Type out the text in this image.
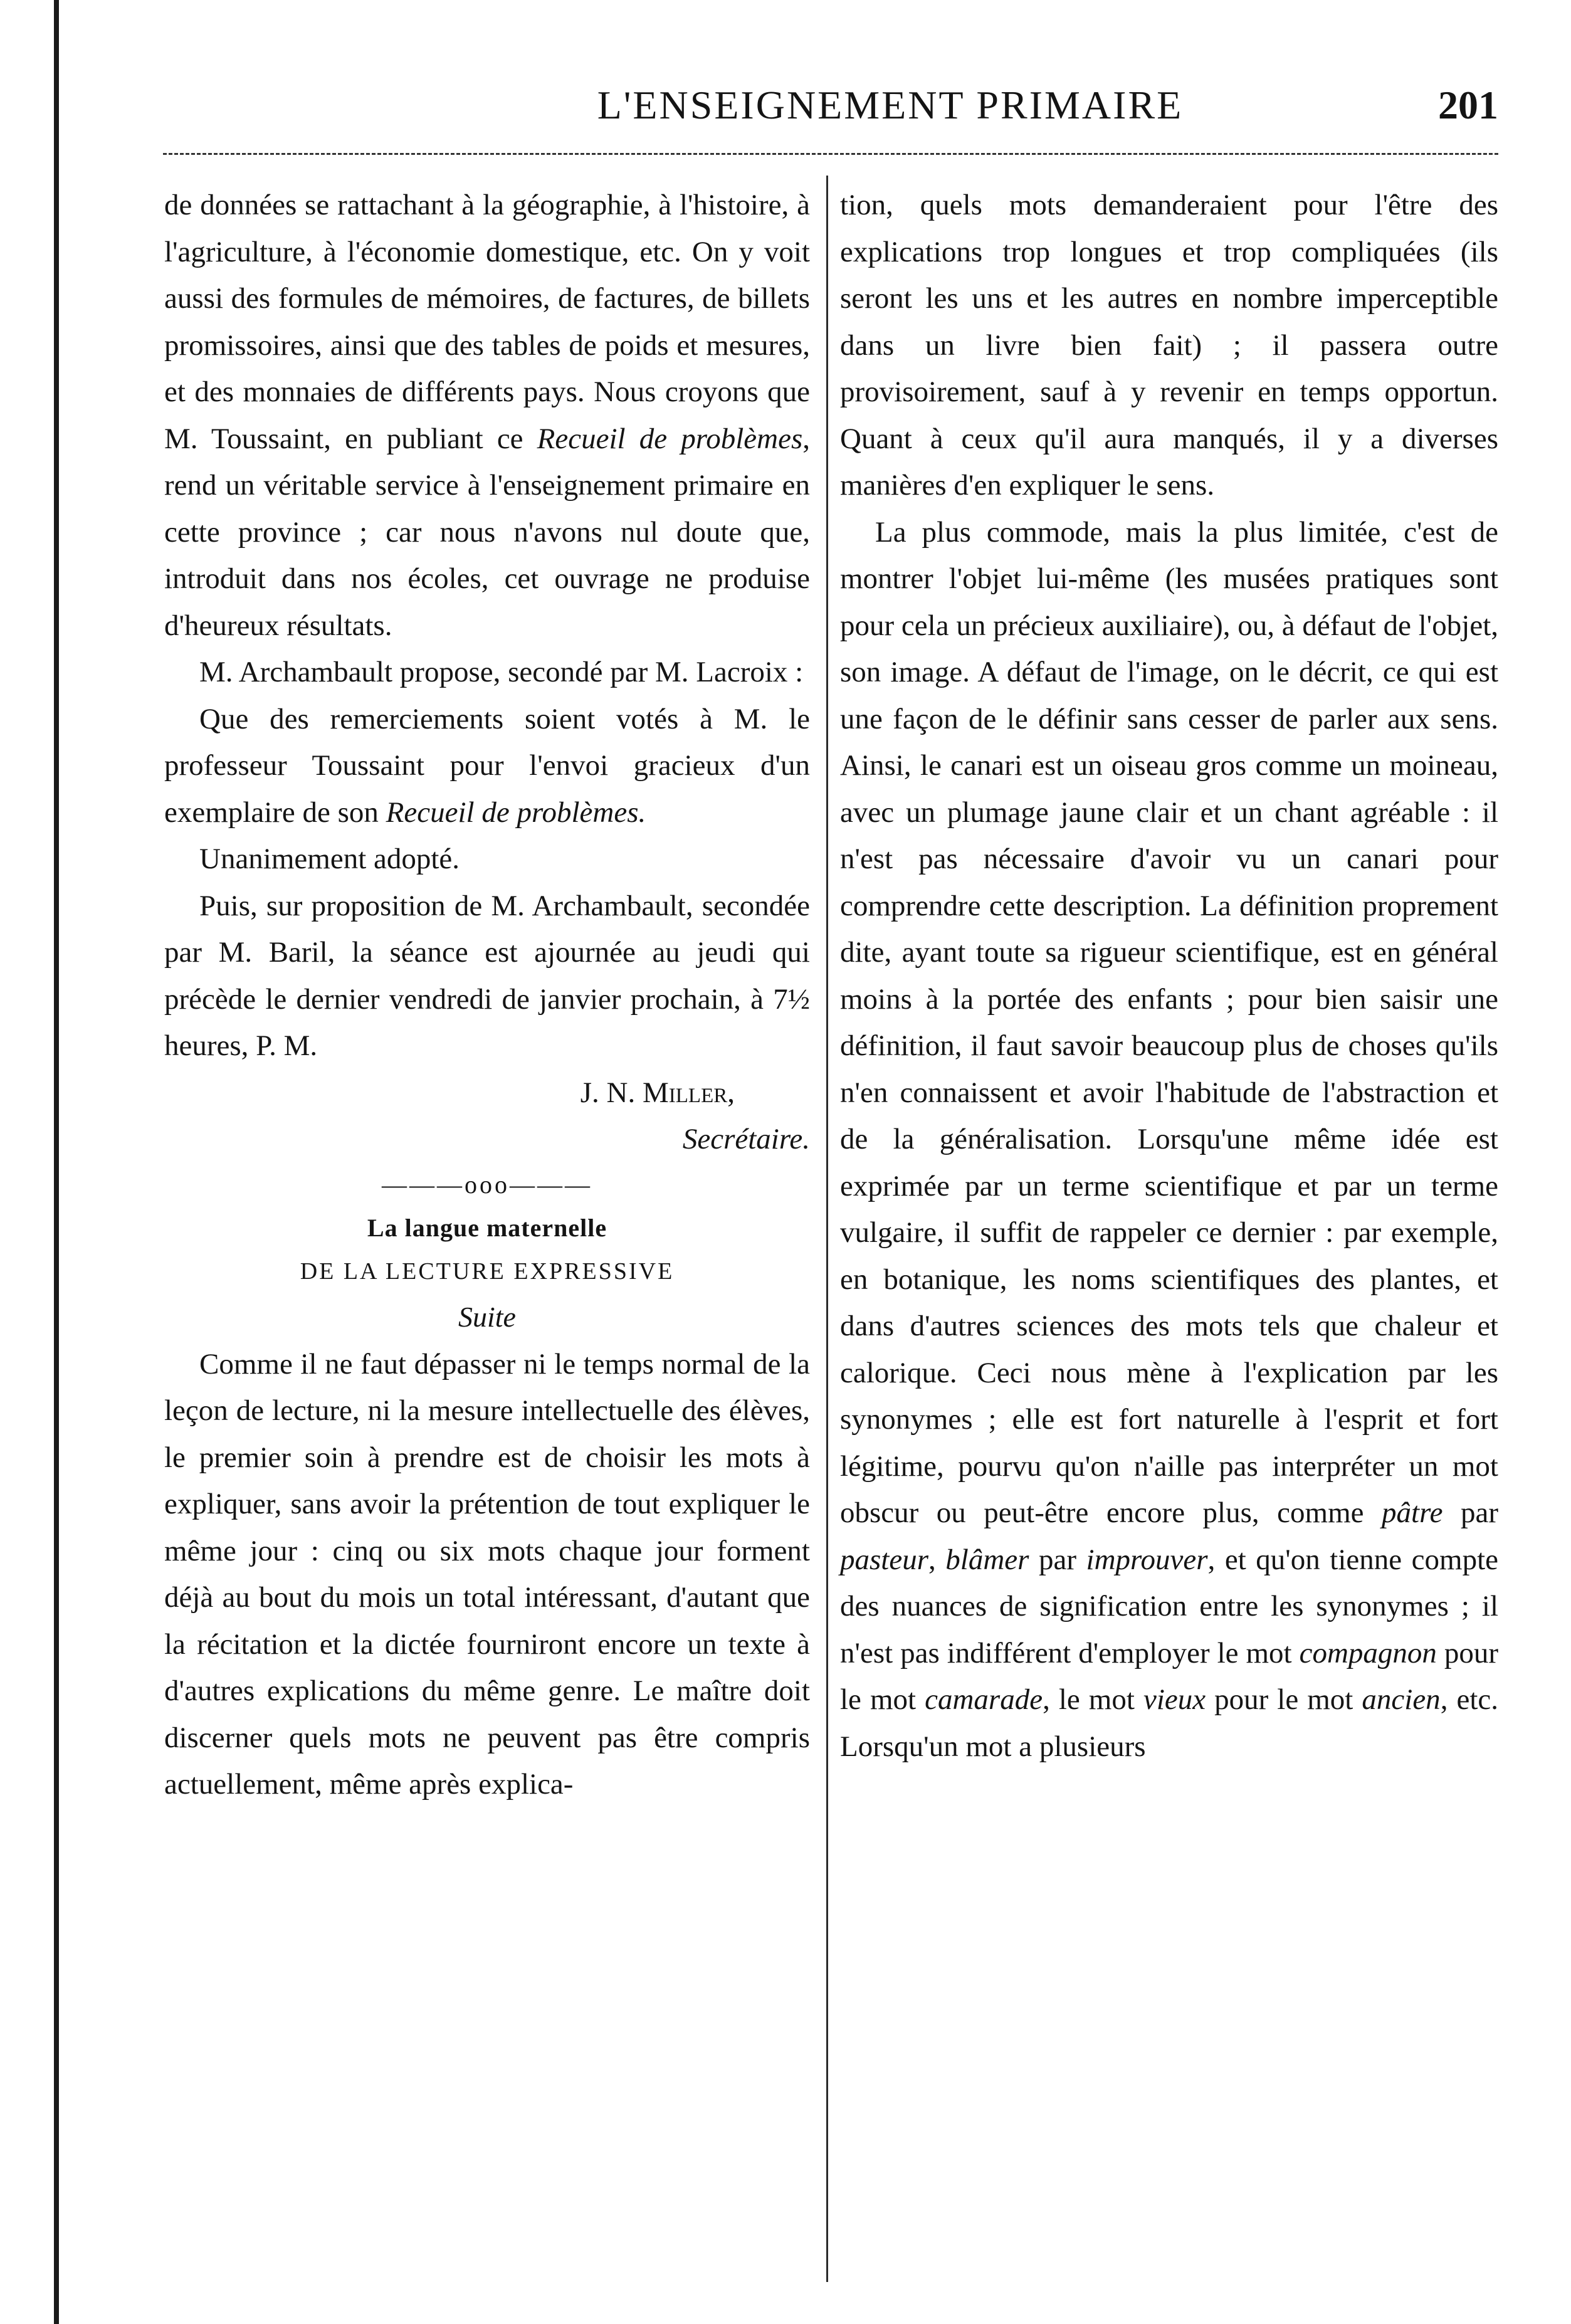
L'ENSEIGNEMENT PRIMAIRE	201

de données se rattachant à la géographie, à l'histoire, à l'agriculture, à l'économie domestique, etc. On y voit aussi des formules de mémoires, de factures, de billets promissoires, ainsi que des tables de poids et mesures, et des monnaies de différents pays. Nous croyons que M. Toussaint, en publiant ce Recueil de problèmes, rend un véritable service à l'enseignement primaire en cette province ; car nous n'avons nul doute que, introduit dans nos écoles, cet ouvrage ne produise d'heureux résultats.

M. Archambault propose, secondé par M. Lacroix :

Que des remerciements soient votés à M. le professeur Toussaint pour l'envoi gracieux d'un exemplaire de son Recueil de problèmes.

Unanimement adopté.

Puis, sur proposition de M. Archambault, secondée par M. Baril, la séance est ajournée au jeudi qui précède le dernier vendredi de janvier prochain, à 7½ heures, P. M.

J. N. Miller,

Secrétaire.

———ooo———

La langue maternelle

DE LA LECTURE EXPRESSIVE

Suite

Comme il ne faut dépasser ni le temps normal de la leçon de lecture, ni la mesure intellectuelle des élèves, le premier soin à prendre est de choisir les mots à expliquer, sans avoir la prétention de tout expliquer le même jour : cinq ou six mots chaque jour forment déjà au bout du mois un total intéressant, d'autant que la récitation et la dictée fourniront encore un texte à d'autres explications du même genre. Le maître doit discerner quels mots ne peuvent pas être compris actuellement, même après explica-

tion, quels mots demanderaient pour l'être des explications trop longues et trop compliquées (ils seront les uns et les autres en nombre imperceptible dans un livre bien fait) ; il passera outre provisoirement, sauf à y revenir en temps opportun. Quant à ceux qu'il aura manqués, il y a diverses manières d'en expliquer le sens.

La plus commode, mais la plus limitée, c'est de montrer l'objet lui-même (les musées pratiques sont pour cela un précieux auxiliaire), ou, à défaut de l'objet, son image. A défaut de l'image, on le décrit, ce qui est une façon de le définir sans cesser de parler aux sens. Ainsi, le canari est un oiseau gros comme un moineau, avec un plumage jaune clair et un chant agréable : il n'est pas nécessaire d'avoir vu un canari pour comprendre cette description. La définition proprement dite, ayant toute sa rigueur scientifique, est en général moins à la portée des enfants ; pour bien saisir une définition, il faut savoir beaucoup plus de choses qu'ils n'en connaissent et avoir l'habitude de l'abstraction et de la généralisation. Lorsqu'une même idée est exprimée par un terme scientifique et par un terme vulgaire, il suffit de rappeler ce dernier : par exemple, en botanique, les noms scientifiques des plantes, et dans d'autres sciences des mots tels que chaleur et calorique. Ceci nous mène à l'explication par les synonymes ; elle est fort naturelle à l'esprit et fort légitime, pourvu qu'on n'aille pas interpréter un mot obscur ou peut-être encore plus, comme pâtre par pasteur, blâmer par improuver, et qu'on tienne compte des nuances de signification entre les synonymes ; il n'est pas indifférent d'employer le mot compagnon pour le mot camarade, le mot vieux pour le mot ancien, etc. Lorsqu'un mot a plusieurs
